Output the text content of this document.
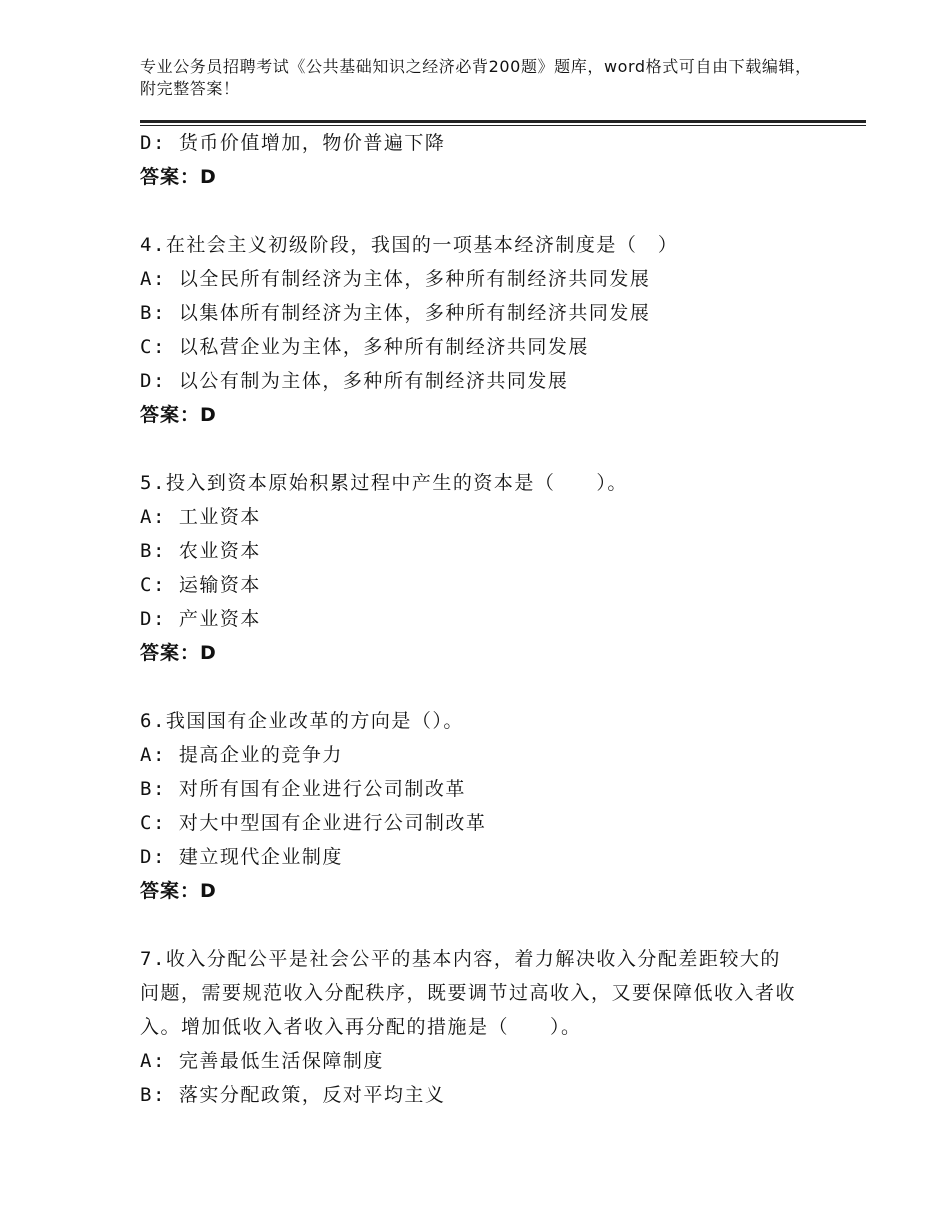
专业公务员招聘考试《公共基础知识之经济必背200题》题库，word格式可自由下载编辑，附完整答案！
D: 货币价值增加，物价普遍下降
答案：D
4.在社会主义初级阶段，我国的一项基本经济制度是（　）
A: 以全民所有制经济为主体，多种所有制经济共同发展
B: 以集体所有制经济为主体，多种所有制经济共同发展
C: 以私营企业为主体，多种所有制经济共同发展
D: 以公有制为主体，多种所有制经济共同发展
答案：D
5.投入到资本原始积累过程中产生的资本是（　　）。
A: 工业资本
B: 农业资本
C: 运输资本
D: 产业资本
答案：D
6.我国国有企业改革的方向是（）。
A: 提高企业的竞争力
B: 对所有国有企业进行公司制改革
C: 对大中型国有企业进行公司制改革
D: 建立现代企业制度
答案：D
7.收入分配公平是社会公平的基本内容，着力解决收入分配差距较大的问题，需要规范收入分配秩序，既要调节过高收入，又要保障低收入者收入。增加低收入者收入再分配的措施是（　　）。
A: 完善最低生活保障制度
B: 落实分配政策，反对平均主义
